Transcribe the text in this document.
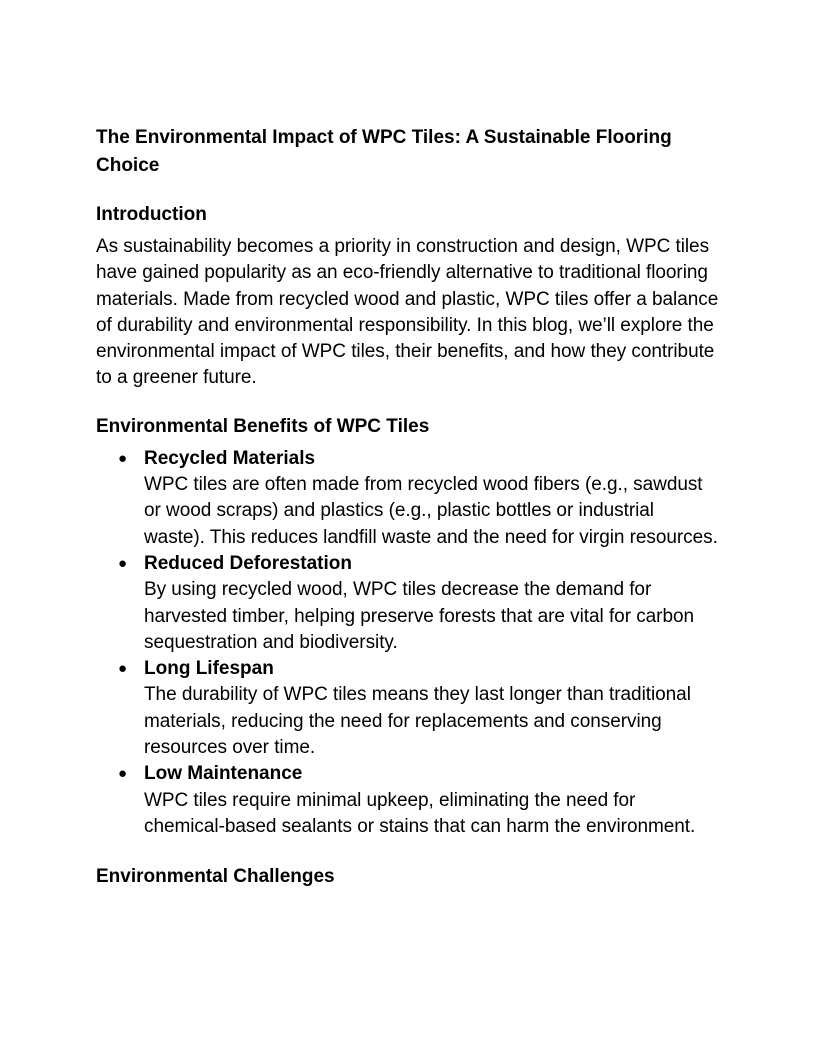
The Environmental Impact of WPC Tiles: A Sustainable Flooring Choice
Introduction

As sustainability becomes a priority in construction and design, WPC tiles have gained popularity as an eco-friendly alternative to traditional flooring materials. Made from recycled wood and plastic, WPC tiles offer a balance of durability and environmental responsibility. In this blog, we’ll explore the environmental impact of WPC tiles, their benefits, and how they contribute to a greener future.

Environmental Benefits of WPC Tiles
● Recycled Materials
WPC tiles are often made from recycled wood fibers (e.g., sawdust or wood scraps) and plastics (e.g., plastic bottles or industrial waste). This reduces landfill waste and the need for virgin resources.
● Reduced Deforestation
By using recycled wood, WPC tiles decrease the demand for harvested timber, helping preserve forests that are vital for carbon sequestration and biodiversity.
● Long Lifespan
The durability of WPC tiles means they last longer than traditional materials, reducing the need for replacements and conserving resources over time.
● Low Maintenance
WPC tiles require minimal upkeep, eliminating the need for chemical-based sealants or stains that can harm the environment.
Environmental Challenges
